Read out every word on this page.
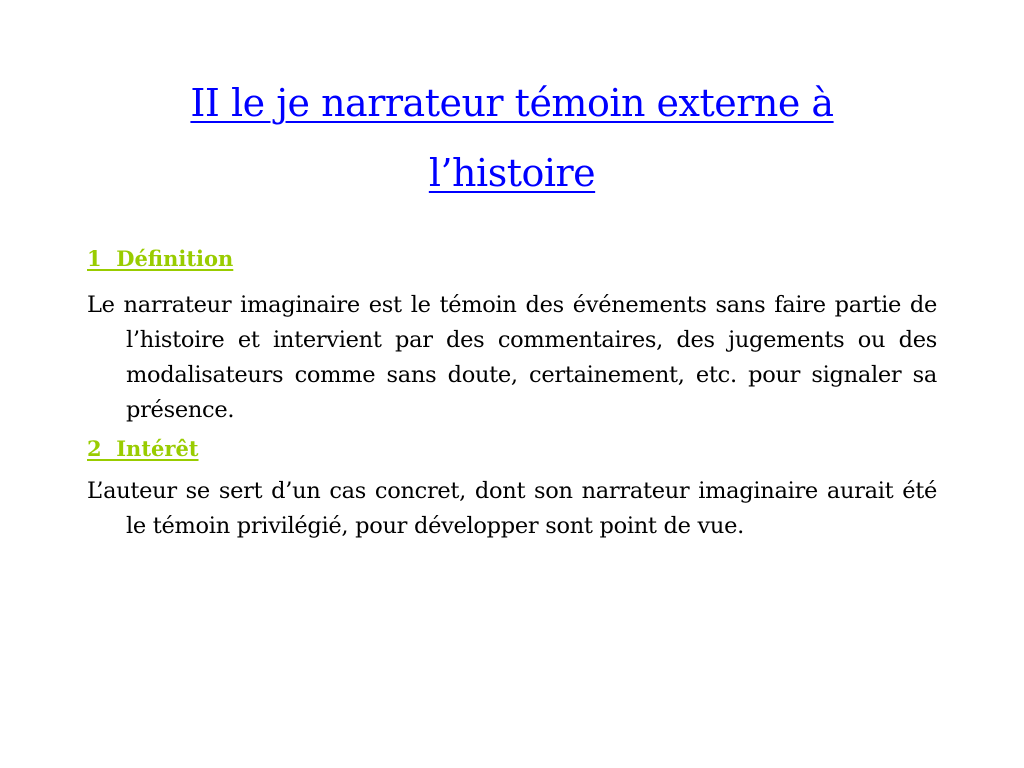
II le je narrateur témoin externe à
l’histoire
1  Définition
Le narrateur imaginaire est le témoin des événements sans faire partie de l’histoire et intervient par des commentaires, des jugements ou des modalisateurs comme sans doute, certainement, etc. pour signaler sa présence.
2  Intérêt
L’auteur se sert d’un cas concret, dont son narrateur imaginaire aurait été le témoin privilégié, pour développer sont point de vue.
